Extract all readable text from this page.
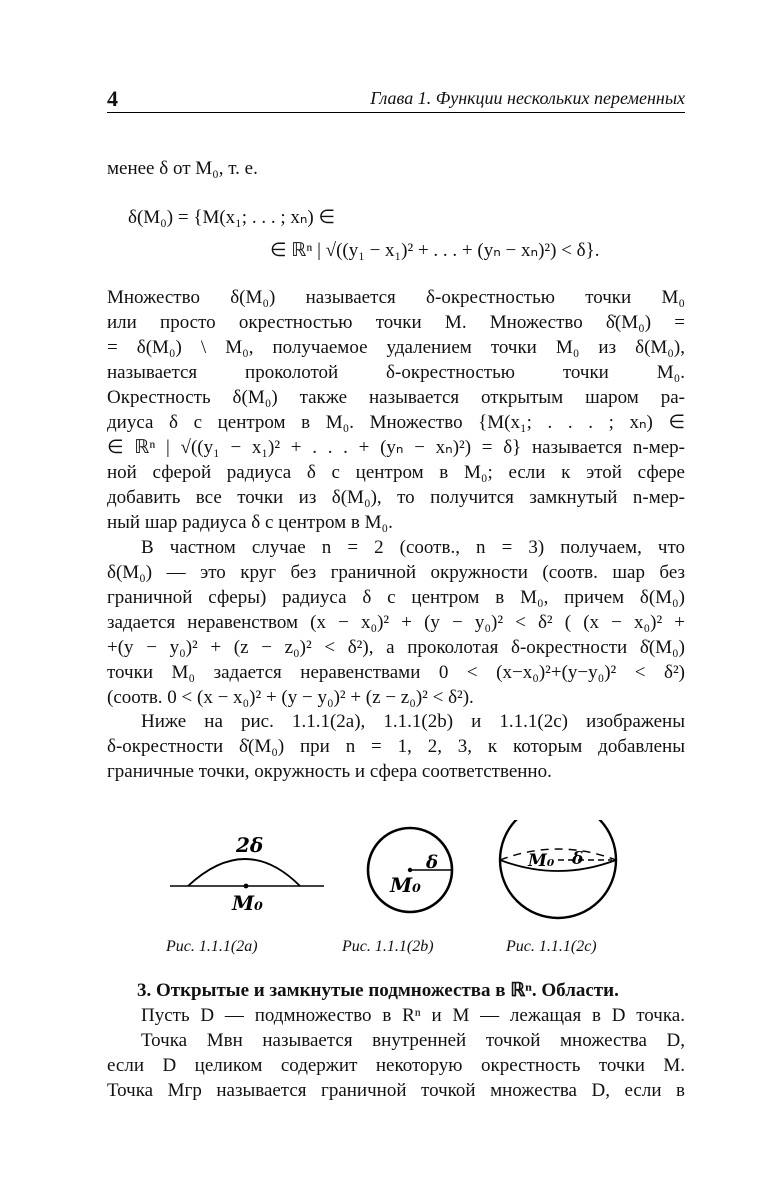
4	Глава 1. Функции нескольких переменных
менее δ от M₀, т. е.
δ(M₀) = {M(x₁; . . . ; xₙ) ∈
∈ ℝⁿ | √((y₁ − x₁)² + . . . + (yₙ − xₙ)²) < δ}.
Множество δ(M₀) называется δ-окрестностью точки M₀
или просто окрестностью точки M. Множество δ̇(M₀) =
= δ(M₀) \ M₀, получаемое удалением точки M₀ из δ(M₀),
называется проколотой δ-окрестностью точки M₀.
Окрестность δ(M₀) также называется открытым шаром ра-
диуса δ с центром в M₀. Множество {M(x₁; . . . ; xₙ) ∈
∈ ℝⁿ | √((y₁ − x₁)² + . . . + (yₙ − xₙ)²) = δ} называется n-мер-
ной сферой радиуса δ с центром в M₀; если к этой сфере
добавить все точки из δ(M₀), то получится замкнутый n-мер-
ный шар радиуса δ с центром в M₀.
В частном случае n = 2 (соотв., n = 3) получаем, что
δ(M₀) — это круг без граничной окружности (соотв. шар без
граничной сферы) радиуса δ с центром в M₀, причем δ(M₀)
задается неравенством (x − x₀)² + (y − y₀)² < δ² ( (x − x₀)² +
+(y − y₀)² + (z − z₀)² < δ²), а проколотая δ-окрестности δ̇(M₀)
точки M₀ задается неравенствами 0 < (x−x₀)²+(y−y₀)² < δ²)
(соотв. 0 < (x − x₀)² + (y − y₀)² + (z − z₀)² < δ²).
Ниже на рис. 1.1.1(2a), 1.1.1(2b) и 1.1.1(2c) изображены
δ-окрестности δ̇(M₀) при n = 1, 2, 3, к которым добавлены
граничные точки, окружность и сфера соответственно.
2δ
M₀
δ
M₀
M₀ δ
Рис. 1.1.1(2a)	Рис. 1.1.1(2b)	Рис. 1.1.1(2c)
3. Открытые и замкнутые подмножества в ℝⁿ. Области.
Пусть D — подмножество в Rⁿ и M — лежащая в D точка.
Точка Mвн называется внутренней точкой множества D,
если D целиком содержит некоторую окрестность точки M.
Точка Mгр называется граничной точкой множества D, если в
